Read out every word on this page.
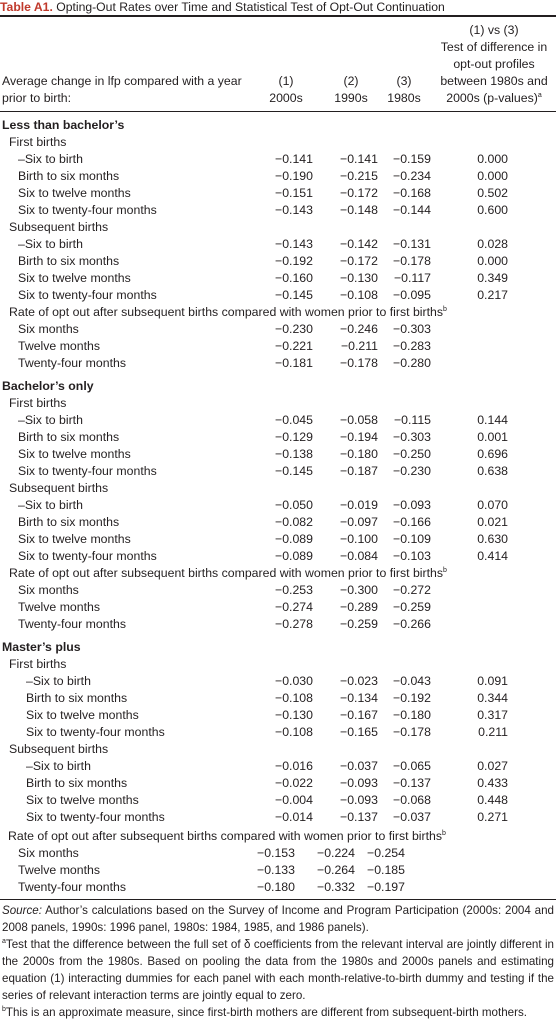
Table A1. Opting-Out Rates over Time and Statistical Test of Opt-Out Continuation
Average change in lfp compared with a year
prior to birth:
(1)
2000s
(2)
1990s
(3)
1980s
(1) vs (3)
Test of difference in
opt-out profiles
between 1980s and
2000s (p-values)$^a$
Less than bachelor’s
First births
–Six to birth	−0.141	−0.141	−0.159	0.000
Birth to six months	−0.190	−0.215	−0.234	0.000
Six to twelve months	−0.151	−0.172	−0.168	0.502
Six to twenty-four months	−0.143	−0.148	−0.144	0.600
Subsequent births
–Six to birth	−0.143	−0.142	−0.131	0.028
Birth to six months	−0.192	−0.172	−0.178	0.000
Six to twelve months	−0.160	−0.130	−0.117	0.349
Six to twenty-four months	−0.145	−0.108	−0.095	0.217
Rate of opt out after subsequent births compared with women prior to first births$^b$
Six months	−0.230	−0.246	−0.303
Twelve months	−0.221	−0.211	−0.283
Twenty-four months	−0.181	−0.178	−0.280
Bachelor’s only
First births
–Six to birth	−0.045	−0.058	−0.115	0.144
Birth to six months	−0.129	−0.194	−0.303	0.001
Six to twelve months	−0.138	−0.180	−0.250	0.696
Six to twenty-four months	−0.145	−0.187	−0.230	0.638
Subsequent births
–Six to birth	−0.050	−0.019	−0.093	0.070
Birth to six months	−0.082	−0.097	−0.166	0.021
Six to twelve months	−0.089	−0.100	−0.109	0.630
Six to twenty-four months	−0.089	−0.084	−0.103	0.414
Rate of opt out after subsequent births compared with women prior to first births$^b$
Six months	−0.253	−0.300	−0.272
Twelve months	−0.274	−0.289	−0.259
Twenty-four months	−0.278	−0.259	−0.266
Master’s plus
First births
–Six to birth	−0.030	−0.023	−0.043	0.091
Birth to six months	−0.108	−0.134	−0.192	0.344
Six to twelve months	−0.130	−0.167	−0.180	0.317
Six to twenty-four months	−0.108	−0.165	−0.178	0.211
Subsequent births
–Six to birth	−0.016	−0.037	−0.065	0.027
Birth to six months	−0.022	−0.093	−0.137	0.433
Six to twelve months	−0.004	−0.093	−0.068	0.448
Six to twenty-four months	−0.014	−0.137	−0.037	0.271
Rate of opt out after subsequent births compared with women prior to first births$^b$
Six months	−0.153	−0.224 −0.254
Twelve months	−0.133	−0.264 −0.185
Twenty-four months	−0.180	−0.332 −0.197

Source: Author’s calculations based on the Survey of Income and Program Participation (2000s: 2004 and 2008 panels, 1990s: 1996 panel, 1980s: 1984, 1985, and 1986 panels).

$^a$Test that the difference between the full set of δ coefficients from the relevant interval are jointly different in the 2000s from the 1980s. Based on pooling the data from the 1980s and 2000s panels and estimating equation (1) interacting dummies for each panel with each month-relative-to-birth dummy and testing if the series of relevant interaction terms are jointly equal to zero.

$^b$This is an approximate measure, since first-birth mothers are different from subsequent-birth mothers.
